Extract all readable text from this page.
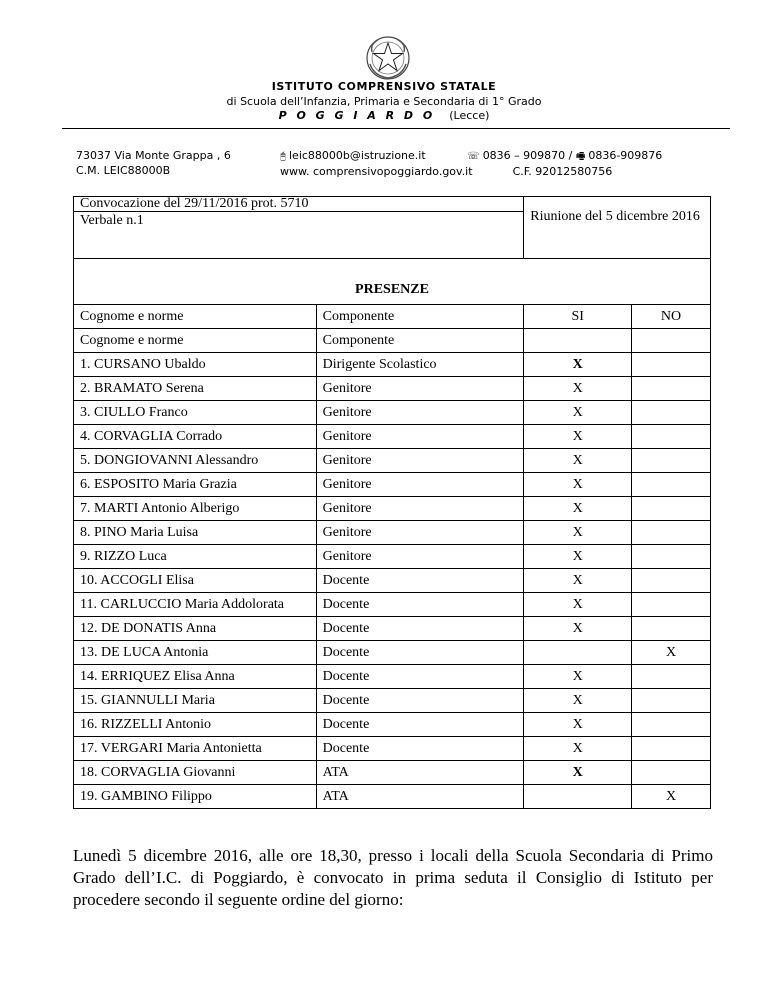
ISTITUTO COMPRENSIVO STATALE
di Scuola dell’Infanzia, Primaria e Secondaria di 1° Grado
P O G G I A R D O (Lecce)
73037 Via Monte Grappa , 6
C.M. LEIC88000B
🖰 leic88000b@istruzione.it	☏ 0836 – 909870 / 🖷 0836-909876
www. comprensivopoggiardo.gov.it	C.F. 92012580756
Convocazione del 29/11/2016 prot. 5710
Verbale n.1		Riunione del 5 dicembre 2016	
PRESENZE			
Cognome e norme	Componente	SI	NO
Cognome e norme	Componente		
1. CURSANO Ubaldo	Dirigente Scolastico	X	
2. BRAMATO Serena	Genitore	X	
3. CIULLO Franco	Genitore	X	
4. CORVAGLIA Corrado	Genitore	X	
5. DONGIOVANNI Alessandro	Genitore	X	
6. ESPOSITO Maria Grazia	Genitore	X	
7. MARTI Antonio Alberigo	Genitore	X	
8. PINO Maria Luisa	Genitore	X	
9. RIZZO Luca	Genitore	X	
10. ACCOGLI Elisa	Docente	X	
11. CARLUCCIO Maria Addolorata	Docente	X	
12. DE DONATIS Anna	Docente	X	
13. DE LUCA Antonia	Docente		X
14. ERRIQUEZ Elisa Anna	Docente	X	
15. GIANNULLI Maria	Docente	X	
16. RIZZELLI Antonio	Docente	X	
17. VERGARI Maria Antonietta	Docente	X	
18. CORVAGLIA Giovanni	ATA	X	
19. GAMBINO Filippo	ATA		X
Lunedì 5 dicembre 2016, alle ore 18,30, presso i locali della Scuola Secondaria di Primo Grado dell’I.C. di Poggiardo, è convocato in prima seduta il Consiglio di Istituto per procedere secondo il seguente ordine del giorno:
